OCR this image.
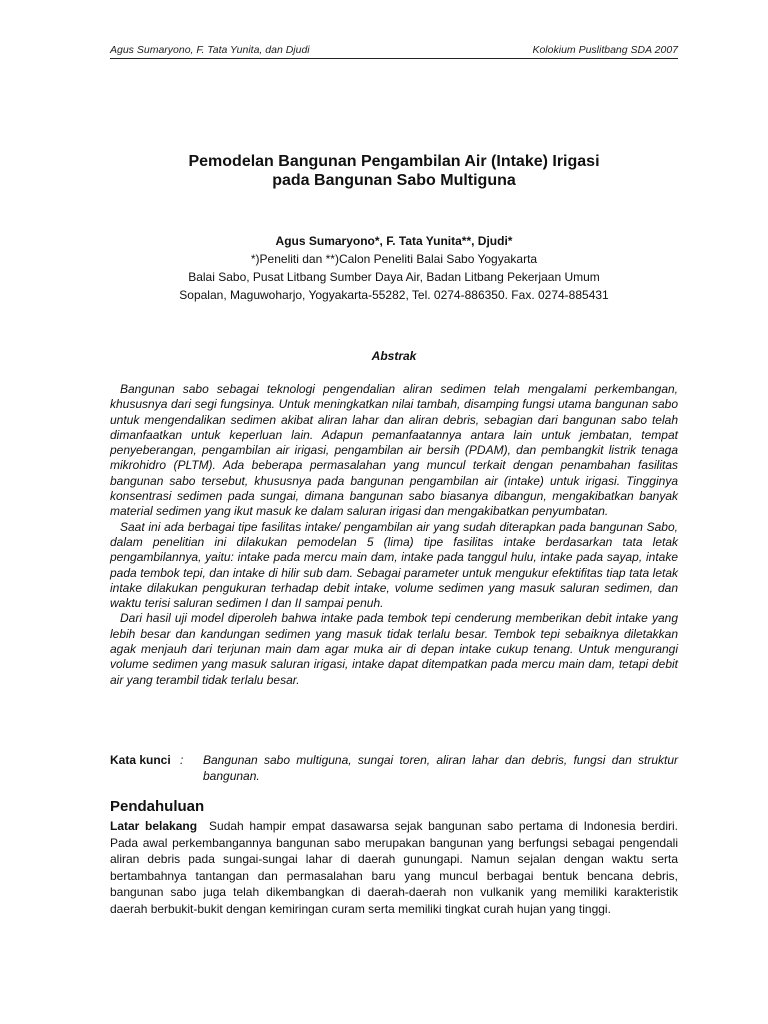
Agus Sumaryono, F. Tata Yunita, dan Djudi	Kolokium Puslitbang SDA 2007
Pemodelan Bangunan Pengambilan Air (Intake) Irigasi
pada Bangunan Sabo Multiguna
Agus Sumaryono*, F. Tata Yunita**, Djudi*
*)Peneliti dan **)Calon Peneliti Balai Sabo Yogyakarta
Balai Sabo, Pusat Litbang Sumber Daya Air, Badan Litbang Pekerjaan Umum
Sopalan, Maguwoharjo, Yogyakarta-55282, Tel. 0274-886350. Fax. 0274-885431
Abstrak

Bangunan sabo sebagai teknologi pengendalian aliran sedimen telah mengalami perkembangan, khususnya dari segi fungsinya. Untuk meningkatkan nilai tambah, disamping fungsi utama bangunan sabo untuk mengendalikan sedimen akibat aliran lahar dan aliran debris, sebagian dari bangunan sabo telah dimanfaatkan untuk keperluan lain. Adapun pemanfaatannya antara lain untuk jembatan, tempat penyeberangan, pengambilan air irigasi, pengambilan air bersih (PDAM), dan pembangkit listrik tenaga mikrohidro (PLTM). Ada beberapa permasalahan yang muncul terkait dengan penambahan fasilitas bangunan sabo tersebut, khususnya pada bangunan pengambilan air (intake) untuk irigasi. Tingginya konsentrasi sedimen pada sungai, dimana bangunan sabo biasanya dibangun, mengakibatkan banyak material sedimen yang ikut masuk ke dalam saluran irigasi dan mengakibatkan penyumbatan.

Saat ini ada berbagai tipe fasilitas intake/ pengambilan air yang sudah diterapkan pada bangunan Sabo, dalam penelitian ini dilakukan pemodelan 5 (lima) tipe fasilitas intake berdasarkan tata letak pengambilannya, yaitu: intake pada mercu main dam, intake pada tanggul hulu, intake pada sayap, intake pada tembok tepi, dan intake di hilir sub dam. Sebagai parameter untuk mengukur efektifitas tiap tata letak intake dilakukan pengukuran terhadap debit intake, volume sedimen yang masuk saluran sedimen, dan waktu terisi saluran sedimen I dan II sampai penuh.

Dari hasil uji model diperoleh bahwa intake pada tembok tepi cenderung memberikan debit intake yang lebih besar dan kandungan sedimen yang masuk tidak terlalu besar. Tembok tepi sebaiknya diletakkan agak menjauh dari terjunan main dam agar muka air di depan intake cukup tenang. Untuk mengurangi volume sedimen yang masuk saluran irigasi, intake dapat ditempatkan pada mercu main dam, tetapi debit air yang terambil tidak terlalu besar.

Kata kunci : Bangunan sabo multiguna, sungai toren, aliran lahar dan debris, fungsi dan struktur bangunan.
Pendahuluan
Latar belakang Sudah hampir empat dasawarsa sejak bangunan sabo pertama di Indonesia berdiri. Pada awal perkembangannya bangunan sabo merupakan bangunan yang berfungsi sebagai pengendali aliran debris pada sungai-sungai lahar di daerah gunungapi. Namun sejalan dengan waktu serta bertambahnya tantangan dan permasalahan baru yang muncul berbagai bentuk bencana debris, bangunan sabo juga telah dikembangkan di daerah-daerah non vulkanik yang memiliki karakteristik daerah berbukit-bukit dengan kemiringan curam serta memiliki tingkat curah hujan yang tinggi.
